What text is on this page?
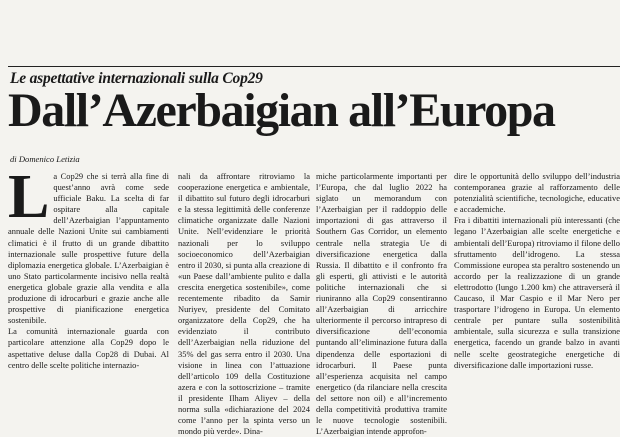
Le aspettative internazionali sulla Cop29
Dall’Azerbaigian all’Europa
di Domenico Letizia
L a Cop29 che si terrà alla fine di quest’anno avrà come sede ufficiale Baku. La scelta di far ospitare alla capitale dell’Azerbaigian l’appuntamento annuale delle Nazioni Unite sui cambiamenti climatici è il frutto di un grande dibattito internazionale sulle prospettive future della diplomazia energetica globale. L’Azerbaigian è uno Stato particolarmente incisivo nella realtà energetica globale grazie alla vendita e alla produzione di idrocarburi e grazie anche alle prospettive di pianificazione energetica sostenibile.

La comunità internazionale guarda con particolare attenzione alla Cop29 dopo le aspettative deluse dalla Cop28 di Dubai. Al centro delle scelte politiche internazio-

nali da affrontare ritroviamo la cooperazione energetica e ambientale, il dibattito sul futuro degli idrocarburi e la stessa legittimità delle conferenze climatiche organizzate dalle Nazioni Unite. Nell’evidenziare le priorità nazionali per lo sviluppo socioeconomico dell’Azerbaigian entro il 2030, si punta alla creazione di «un Paese dall’ambiente pulito e dalla crescita energetica sostenibile», come recentemente ribadito da Samir Nuriyev, presidente del Comitato organizzatore della Cop29, che ha evidenziato il contributo dell’Azerbaigian nella riduzione del 35% del gas serra entro il 2030. Una visione in linea con l’attuazione dell’articolo 109 della Costituzione azera e con la sottoscrizione – tramite il presidente Ilham Aliyev – della norma sulla «dichiarazione del 2024 come l’anno per la spinta verso un mondo più verde». Dina-

miche particolarmente importanti per l’Europa, che dal luglio 2022 ha siglato un memorandum con l’Azerbaigian per il raddoppio delle importazioni di gas attraverso il Southern Gas Corridor, un elemento centrale nella strategia Ue di diversificazione energetica dalla Russia. Il dibattito e il confronto fra gli esperti, gli attivisti e le autorità politiche internazionali che si riuniranno alla Cop29 consentiranno all’Azerbaigian di arricchire ulteriormente il percorso intrapreso di diversificazione dell’economia puntando all’eliminazione futura dalla dipendenza delle esportazioni di idrocarburi. Il Paese punta all’esperienza acquisita nel campo energetico (da rilanciare nella crescita del settore non oil) e all’incremento della competitività produttiva tramite le nuove tecnologie sostenibili. L’Azerbaigian intende approfon-

dire le opportunità dello sviluppo dell’industria contemporanea grazie al rafforzamento delle potenzialità scientifiche, tecnologiche, educative e accademiche.

Fra i dibattiti internazionali più interessanti (che legano l’Azerbaigian alle scelte energetiche e ambientali dell’Europa) ritroviamo il filone dello sfruttamento dell’idrogeno. La stessa Commissione europea sta peraltro sostenendo un accordo per la realizzazione di un grande elettrodotto (lungo 1.200 km) che attraverserà il Caucaso, il Mar Caspio e il Mar Nero per trasportare l’idrogeno in Europa. Un elemento centrale per puntare sulla sostenibilità ambientale, sulla sicurezza e sulla transizione energetica, facendo un grande balzo in avanti nelle scelte geostrategiche energetiche di diversificazione dalle importazioni russe.
